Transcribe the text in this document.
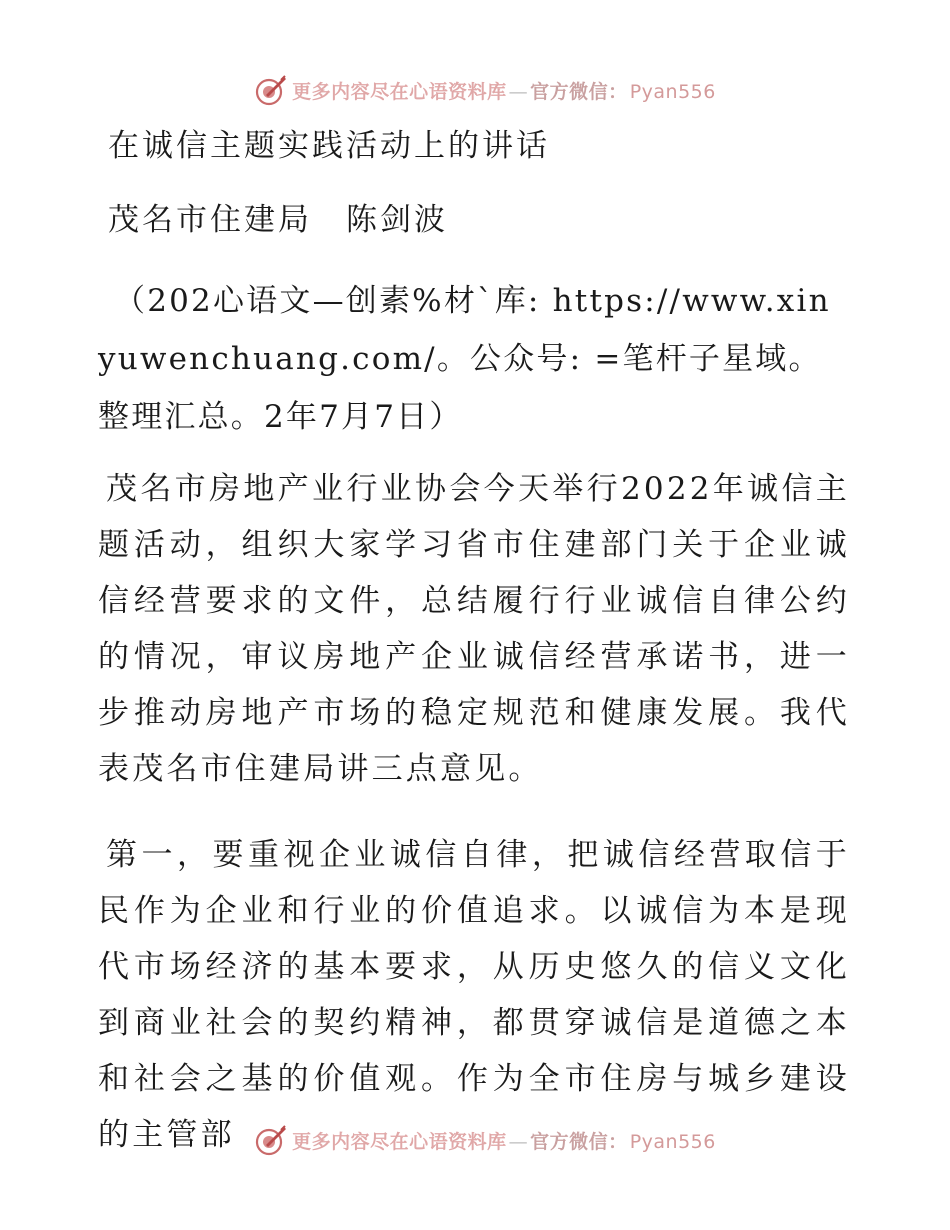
更多内容尽在心语资料库 — 官方微信： Pyan556
在诚信主题实践活动上的讲话
茂名市住建局　陈剑波
（202心语文—创素%材`库: https://www.xinyuwenchuang.com/。公众号: =笔杆子星域。整理汇总。2年7月7日）
茂名市房地产业行业协会今天举行2022年诚信主题活动，组织大家学习省市住建部门关于企业诚信经营要求的文件，总结履行行业诚信自律公约的情况，审议房地产企业诚信经营承诺书，进一步推动房地产市场的稳定规范和健康发展。我代表茂名市住建局讲三点意见。
第一，要重视企业诚信自律，把诚信经营取信于民作为企业和行业的价值追求。以诚信为本是现代市场经济的基本要求，从历史悠久的信义文化到商业社会的契约精神，都贯穿诚信是道德之本和社会之基的价值观。作为全市住房与城乡建设的主管部	更多内容尽在心语资料库 — 官方微信： Pyan556
